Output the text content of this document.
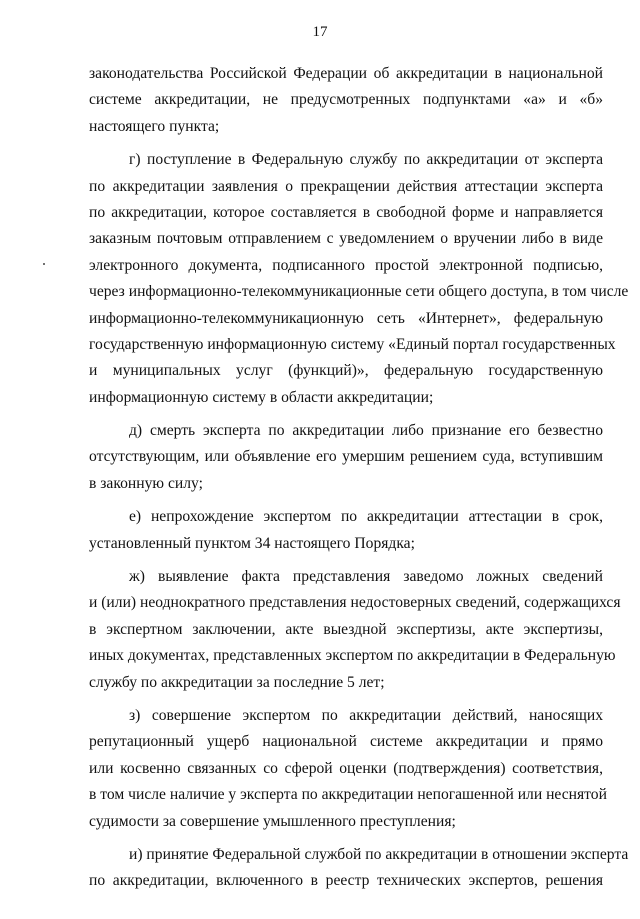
17
законодательства Российской Федерации об аккредитации в национальной
системе аккредитации, не предусмотренных подпунктами «а» и «б»
настоящего пункта;
г) поступление в Федеральную службу по аккредитации от эксперта
по аккредитации заявления о прекращении действия аттестации эксперта
по аккредитации, которое составляется в свободной форме и направляется
заказным почтовым отправлением с уведомлением о вручении либо в виде
электронного документа, подписанного простой электронной подписью,
через информационно-телекоммуникационные сети общего доступа, в том числе
информационно-телекоммуникационную сеть «Интернет», федеральную
государственную информационную систему «Единый портал государственных
и муниципальных услуг (функций)», федеральную государственную
информационную систему в области аккредитации;
д) смерть эксперта по аккредитации либо признание его безвестно
отсутствующим, или объявление его умершим решением суда, вступившим
в законную силу;
е) непрохождение экспертом по аккредитации аттестации в срок,
установленный пунктом 34 настоящего Порядка;
ж) выявление факта представления заведомо ложных сведений
и (или) неоднократного представления недостоверных сведений, содержащихся
в экспертном заключении, акте выездной экспертизы, акте экспертизы,
иных документах, представленных экспертом по аккредитации в Федеральную
службу по аккредитации за последние 5 лет;
з) совершение экспертом по аккредитации действий, наносящих
репутационный ущерб национальной системе аккредитации и прямо
или косвенно связанных со сферой оценки (подтверждения) соответствия,
в том числе наличие у эксперта по аккредитации непогашенной или неснятой
судимости за совершение умышленного преступления;
и) принятие Федеральной службой по аккредитации в отношении эксперта
по аккредитации, включенного в реестр технических экспертов, решения
